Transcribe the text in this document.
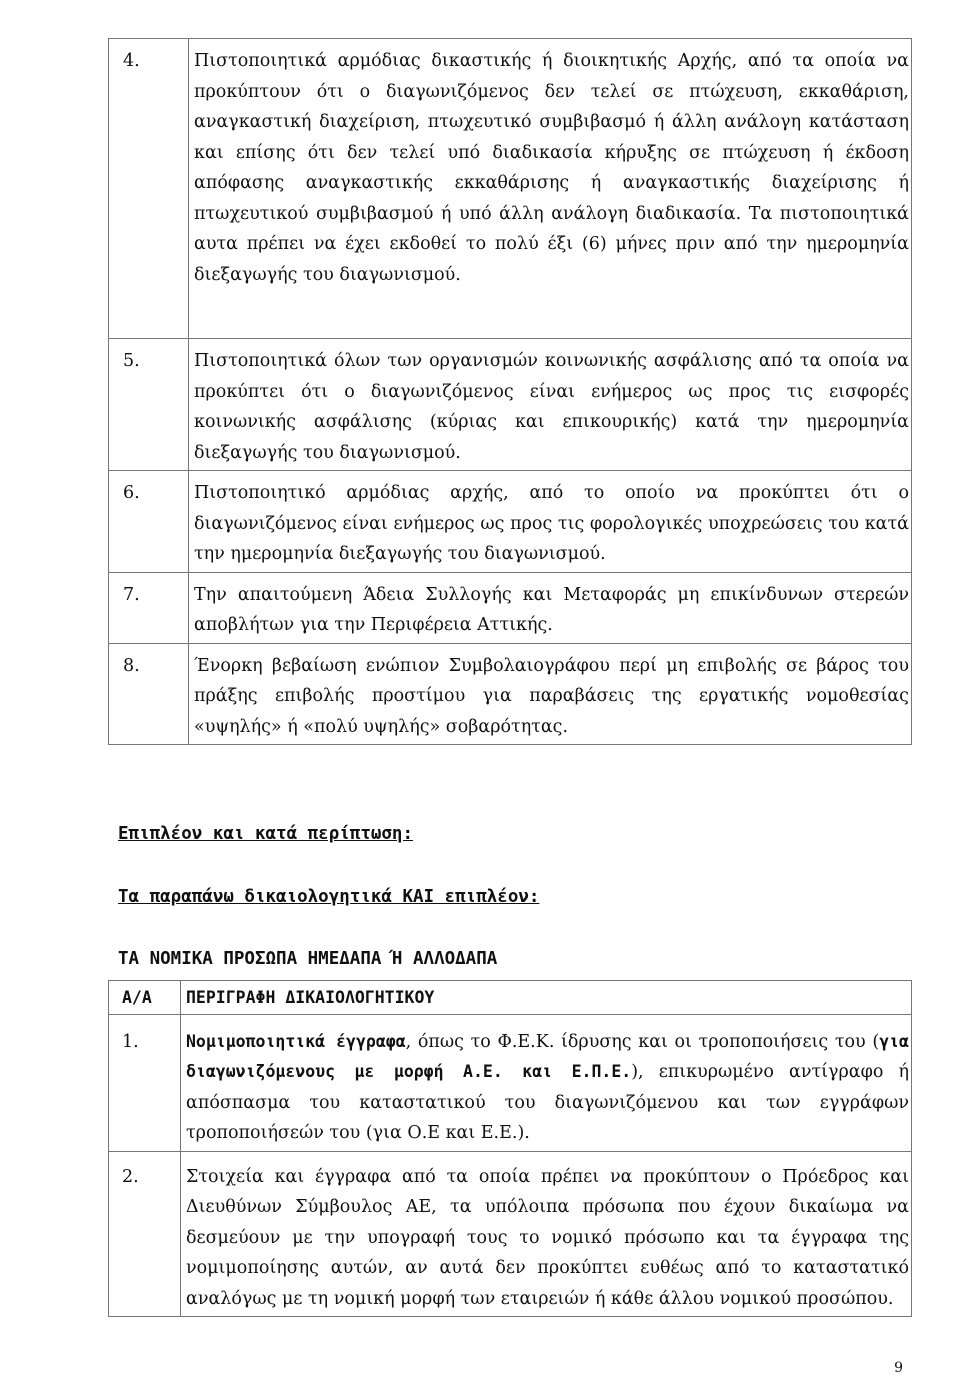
4.	Πιστοποιητικά αρμόδιας δικαστικής ή διοικητικής Αρχής, από τα οποία να προκύπτουν ότι ο διαγωνιζόμενος δεν τελεί σε πτώχευση, εκκαθάριση, αναγκαστική διαχείριση, πτωχευτικό συμβιβασμό ή άλλη ανάλογη κατάσταση και επίσης ότι δεν τελεί υπό διαδικασία κήρυξης σε πτώχευση ή έκδοση απόφασης αναγκαστικής εκκαθάρισης ή αναγκαστικής διαχείρισης ή πτωχευτικού συμβιβασμού ή υπό άλλη ανάλογη διαδικασία. Τα πιστοποιητικά αυτα πρέπει να έχει εκδοθεί το πολύ έξι (6) μήνες πριν από την ημερομηνία διεξαγωγής του διαγωνισμού.
5.	Πιστοποιητικά όλων των οργανισμών κοινωνικής ασφάλισης από τα οποία να προκύπτει ότι ο διαγωνιζόμενος είναι ενήμερος ως προς τις εισφορές κοινωνικής ασφάλισης (κύριας και επικουρικής) κατά την ημερομηνία διεξαγωγής του διαγωνισμού.
6.	Πιστοποιητικό αρμόδιας αρχής, από το οποίο να προκύπτει ότι ο διαγωνιζόμενος είναι ενήμερος ως προς τις φορολογικές υποχρεώσεις του κατά την ημερομηνία διεξαγωγής του διαγωνισμού.
7.	Την απαιτούμενη Άδεια Συλλογής και Μεταφοράς μη επικίνδυνων στερεών αποβλήτων για την Περιφέρεια Αττικής.
8.	Ένορκη βεβαίωση ενώπιον Συμβολαιογράφου περί μη επιβολής σε βάρος του πράξης επιβολής προστίμου για παραβάσεις της εργατικής νομοθεσίας «υψηλής» ή «πολύ υψηλής» σοβαρότητας.
Επιπλέον και κατά περίπτωση:
Τα παραπάνω δικαιολογητικά ΚΑΙ επιπλέον:
ΤΑ ΝΟΜΙΚΑ ΠΡΟΣΩΠΑ ΗΜΕΔΑΠΑ Ή ΑΛΛΟΔΑΠΑ
Α/Α	ΠΕΡΙΓΡΑΦΗ ΔΙΚΑΙΟΛΟΓΗΤΙΚΟΥ
1.	Νομιμοποιητικά έγγραφα, όπως το Φ.Ε.Κ. ίδρυσης και οι τροποποιήσεις του (για διαγωνιζόμενους με μορφή Α.Ε. και Ε.Π.Ε.), επικυρωμένο αντίγραφο ή απόσπασμα του καταστατικού του διαγωνιζόμενου και των εγγράφων τροποποιήσεών του (για Ο.Ε και Ε.Ε.).
2.	Στοιχεία και έγγραφα από τα οποία πρέπει να προκύπτουν ο Πρόεδρος και Διευθύνων Σύμβουλος ΑΕ, τα υπόλοιπα πρόσωπα που έχουν δικαίωμα να δεσμεύουν με την υπογραφή τους το νομικό πρόσωπο και τα έγγραφα της νομιμοποίησης αυτών, αν αυτά δεν προκύπτει ευθέως από το καταστατικό αναλόγως με τη νομική μορφή των εταιρειών ή κάθε άλλου νομικού προσώπου.
9
